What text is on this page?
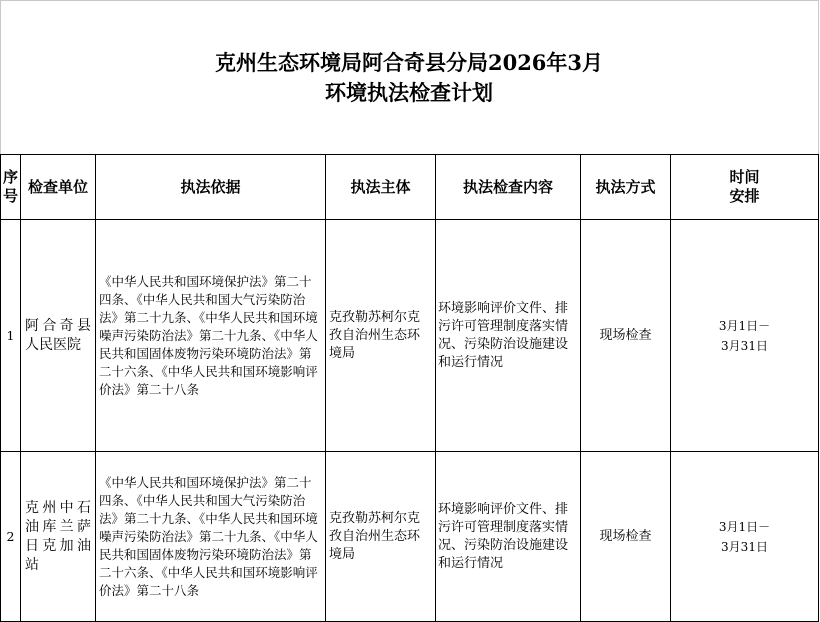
克州生态环境局阿合奇县分局2026年3月
环境执法检查计划
序号	检查单位	执法依据	执法主体	执法检查内容	执法方式	时间
安排

1	阿合奇县人民医院	《中华人民共和国环境保护法》第二十四条、《中华人民共和国大气污染防治法》第二十九条、《中华人民共和国环境噪声污染防治法》第二十九条、《中华人民共和国固体废物污染环境防治法》第二十六条、《中华人民共和国环境影响评价法》第二十八条	克孜勒苏柯尔克孜自治州生态环境局	环境影响评价文件、排污许可管理制度落实情况、污染防治设施建设和运行情况	现场检查	3月1日－
3月31日

2	克州中石油库兰萨日克加油站	《中华人民共和国环境保护法》第二十四条、《中华人民共和国大气污染防治法》第二十九条、《中华人民共和国环境噪声污染防治法》第二十九条、《中华人民共和国固体废物污染环境防治法》第二十六条、《中华人民共和国环境影响评价法》第二十八条	克孜勒苏柯尔克孜自治州生态环境局	环境影响评价文件、排污许可管理制度落实情况、污染防治设施建设和运行情况	现场检查	3月1日－
3月31日
